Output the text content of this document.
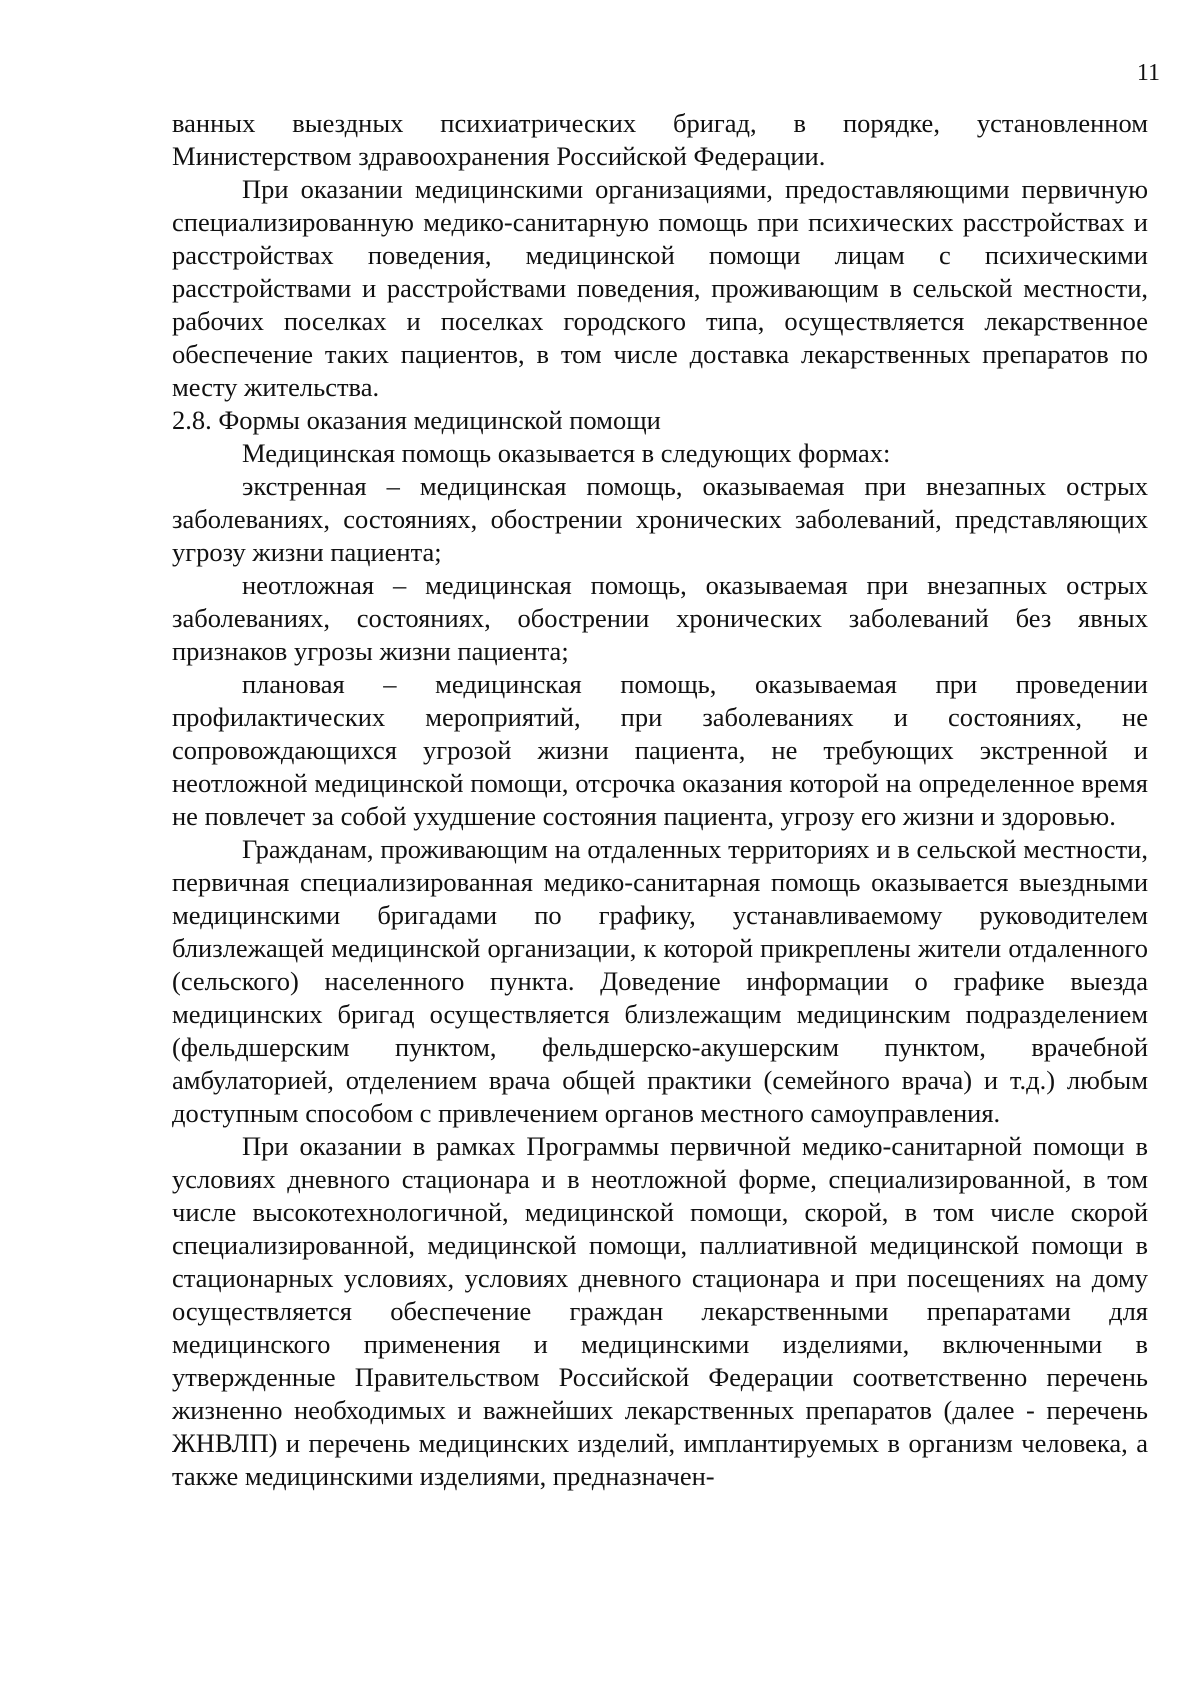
11

ванных выездных психиатрических бригад, в порядке, установленном Министерством здравоохранения Российской Федерации.

При оказании медицинскими организациями, предоставляющими первичную специализированную медико-санитарную помощь при психических расстройствах и расстройствах поведения, медицинской помощи лицам с психическими расстройствами и расстройствами поведения, проживающим в сельской местности, рабочих поселках и поселках городского типа, осуществляется лекарственное обеспечение таких пациентов, в том числе доставка лекарственных препаратов по месту жительства.

2.8. Формы оказания медицинской помощи

Медицинская помощь оказывается в следующих формах:

экстренная – медицинская помощь, оказываемая при внезапных острых заболеваниях, состояниях, обострении хронических заболеваний, представляющих угрозу жизни пациента;

неотложная – медицинская помощь, оказываемая при внезапных острых заболеваниях, состояниях, обострении хронических заболеваний без явных признаков угрозы жизни пациента;

плановая – медицинская помощь, оказываемая при проведении профилактических мероприятий, при заболеваниях и состояниях, не сопровождающихся угрозой жизни пациента, не требующих экстренной и неотложной медицинской помощи, отсрочка оказания которой на определенное время не повлечет за собой ухудшение состояния пациента, угрозу его жизни и здоровью.

Гражданам, проживающим на отдаленных территориях и в сельской местности, первичная специализированная медико-санитарная помощь оказывается выездными медицинскими бригадами по графику, устанавливаемому руководителем близлежащей медицинской организации, к которой прикреплены жители отдаленного (сельского) населенного пункта. Доведение информации о графике выезда медицинских бригад осуществляется близлежащим медицинским подразделением (фельдшерским пунктом, фельдшерско-акушерским пунктом, врачебной амбулаторией, отделением врача общей практики (семейного врача) и т.д.) любым доступным способом с привлечением органов местного самоуправления.

При оказании в рамках Программы первичной медико-санитарной помощи в условиях дневного стационара и в неотложной форме, специализированной, в том числе высокотехнологичной, медицинской помощи, скорой, в том числе скорой специализированной, медицинской помощи, паллиативной медицинской помощи в стационарных условиях, условиях дневного стационара и при посещениях на дому осуществляется обеспечение граждан лекарственными препаратами для медицинского применения и медицинскими изделиями, включенными в утвержденные Правительством Российской Федерации соответственно перечень жизненно необходимых и важнейших лекарственных препаратов (далее - перечень ЖНВЛП) и перечень медицинских изделий, имплантируемых в организм человека, а также медицинскими изделиями, предназначен-
